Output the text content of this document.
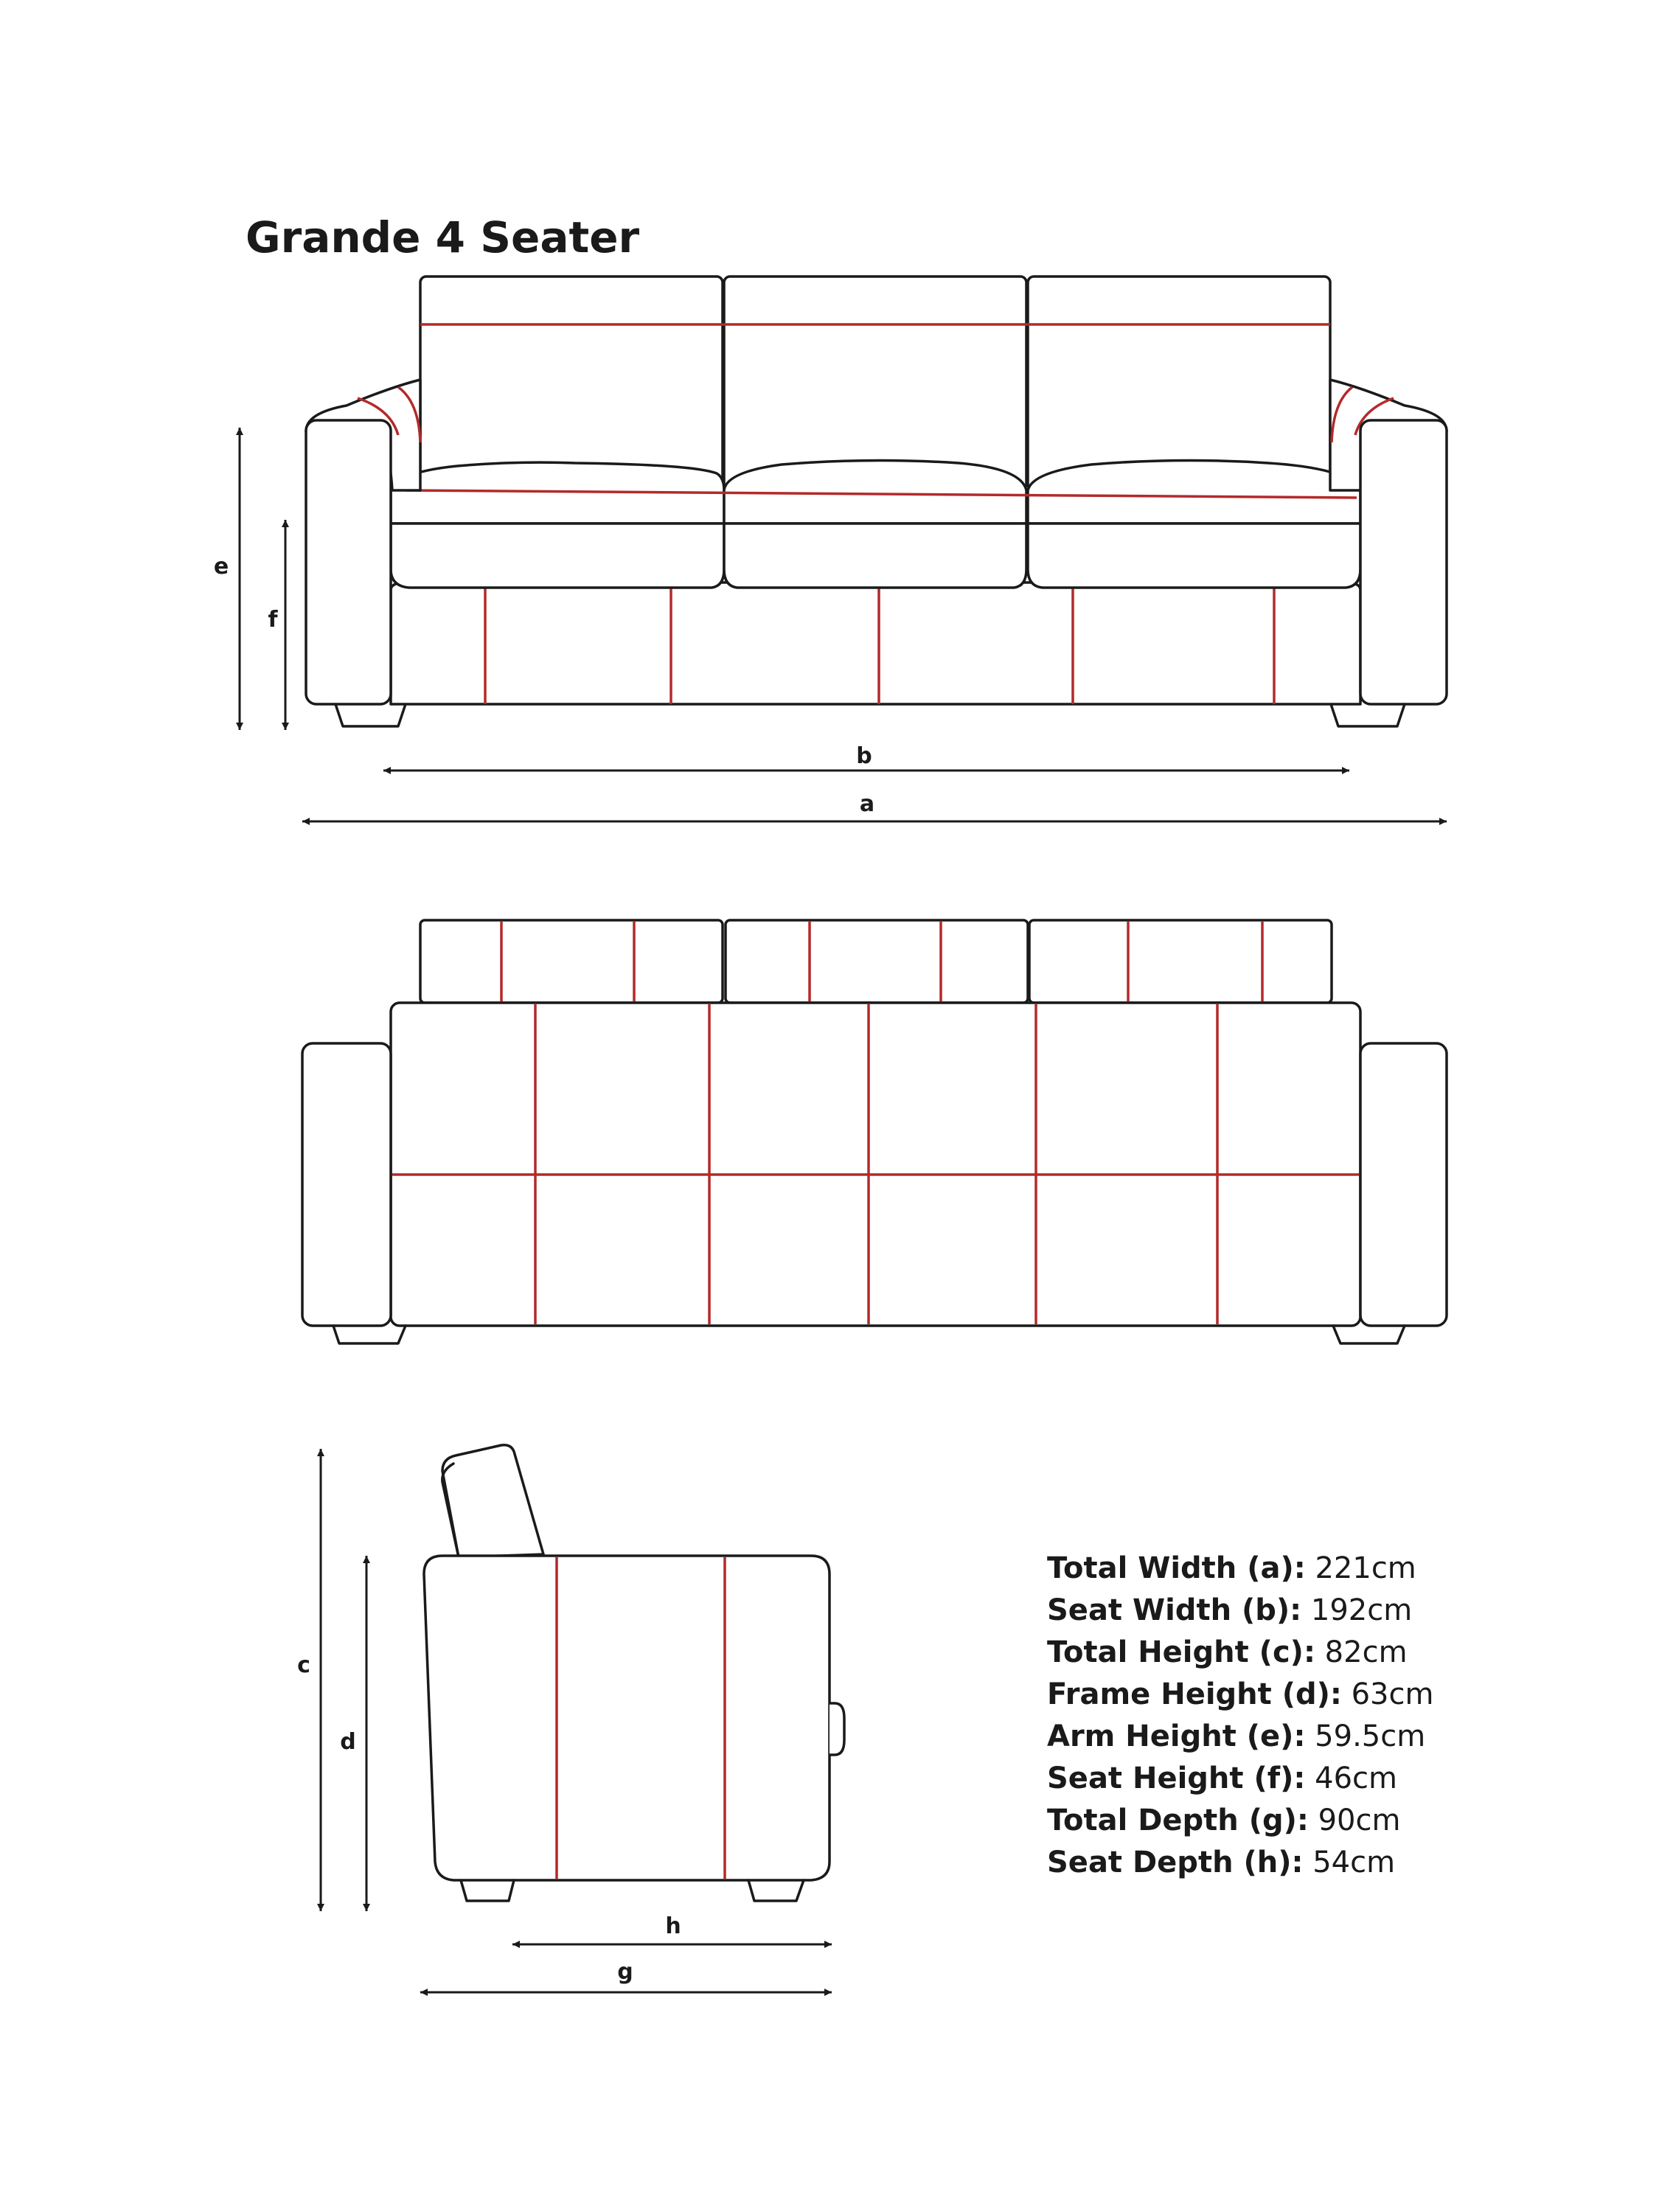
Grande 4 Seater
e
f
b
a
c
d
h
g
Total Width (a): 221cm
Seat Width (b): 192cm
Total Height (c): 82cm
Frame Height (d): 63cm
Arm Height (e): 59.5cm
Seat Height (f): 46cm
Total Depth (g): 90cm
Seat Depth (h): 54cm
